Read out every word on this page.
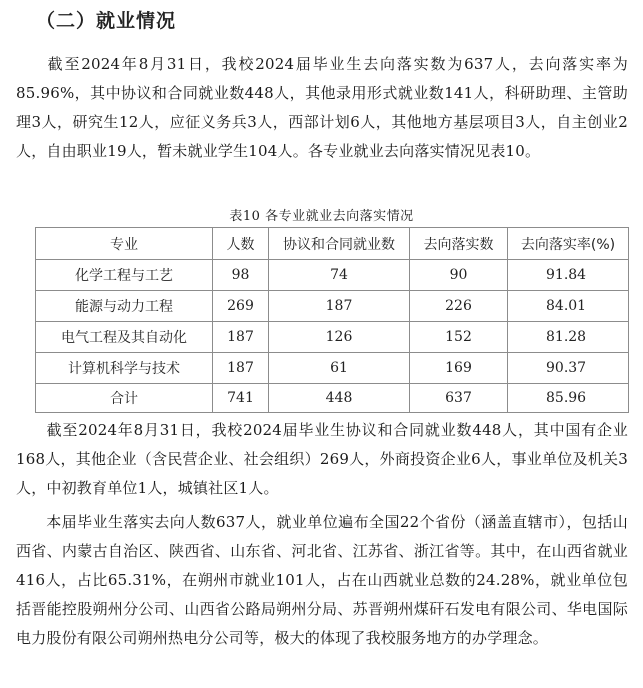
（二）就业情况
截至2024年8月31日，我校2024届毕业生去向落实数为637人，去向落实率为85.96%，其中协议和合同就业数448人，其他录用形式就业数141人，科研助理、主管助理3人，研究生12人，应征义务兵3人，西部计划6人，其他地方基层项目3人，自主创业2人，自由职业19人，暂未就业学生104人。各专业就业去向落实情况见表10。
表10 各专业就业去向落实情况
专业	人数	协议和合同就业数	去向落实数	去向落实率(%)
化学工程与工艺	98	74	90	91.84
能源与动力工程	269	187	226	84.01
电气工程及其自动化	187	126	152	81.28
计算机科学与技术	187	61	169	90.37
合计	741	448	637	85.96
截至2024年8月31日，我校2024届毕业生协议和合同就业数448人，其中国有企业168人，其他企业（含民营企业、社会组织）269人，外商投资企业6人，事业单位及机关3人，中初教育单位1人，城镇社区1人。
本届毕业生落实去向人数637人，就业单位遍布全国22个省份（涵盖直辖市），包括山西省、内蒙古自治区、陕西省、山东省、河北省、江苏省、浙江省等。其中，在山西省就业416人，占比65.31%，在朔州市就业101人，占在山西就业总数的24.28%，就业单位包括晋能控股朔州分公司、山西省公路局朔州分局、苏晋朔州煤矸石发电有限公司、华电国际电力股份有限公司朔州热电分公司等，极大的体现了我校服务地方的办学理念。
